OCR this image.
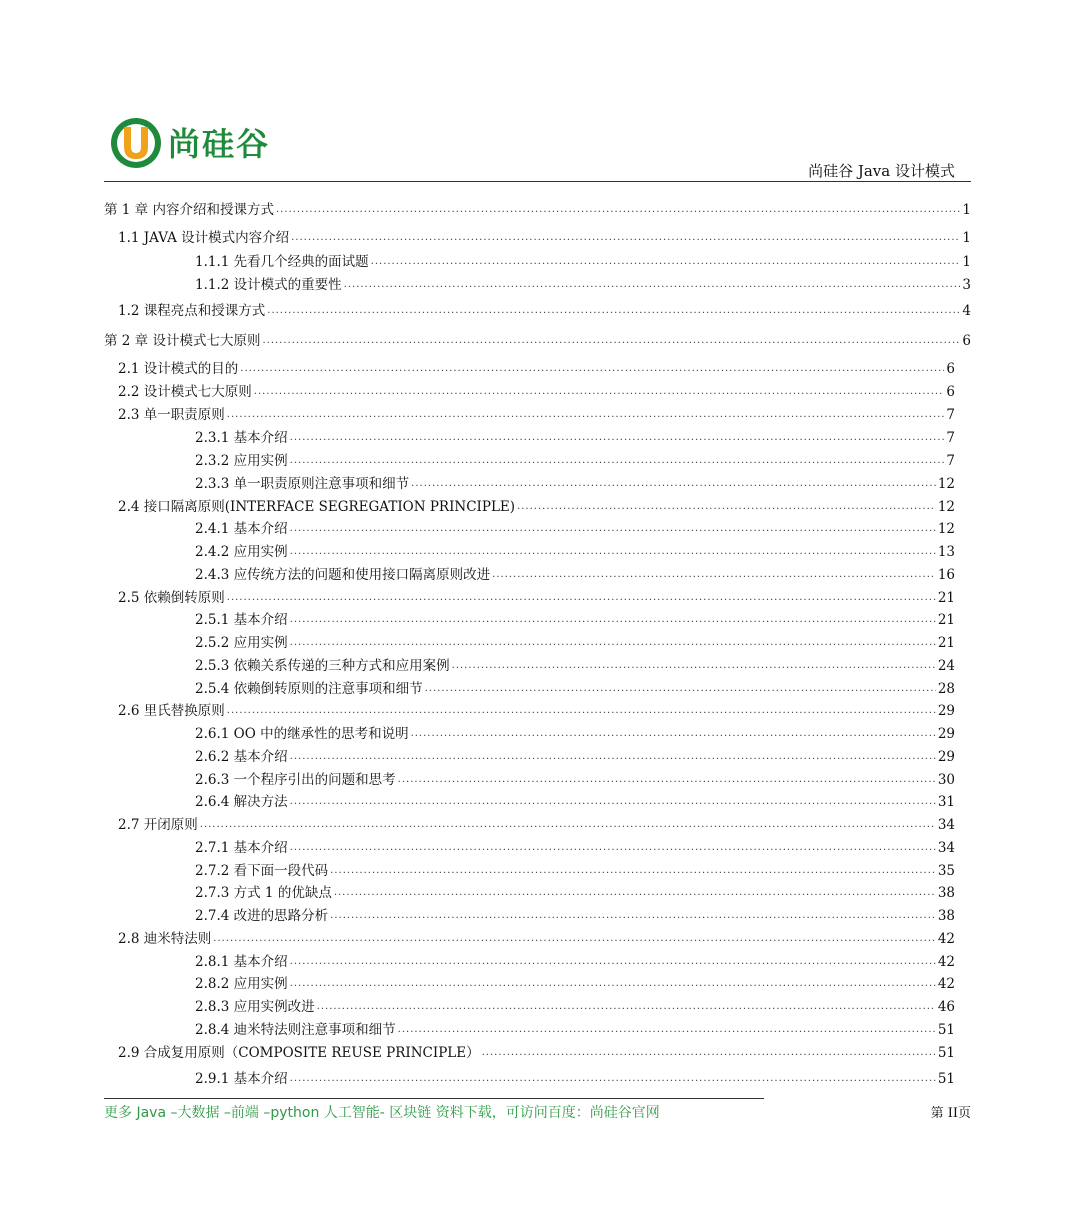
尚硅谷
尚硅谷 Java 设计模式
第 1 章 内容介绍和授课方式 .....	1
1.1 JAVA 设计模式内容介绍 .....	1
1.1.1 先看几个经典的面试题 .....	1
1.1.2 设计模式的重要性 .....	3
1.2 课程亮点和授课方式 .....	4
第 2 章 设计模式七大原则 .....	6
2.1 设计模式的目的 .....	6
2.2 设计模式七大原则 .....	6
2.3 单一职责原则 .....	7
2.3.1 基本介绍 .....	7
2.3.2 应用实例 .....	7
2.3.3 单一职责原则注意事项和细节 .....	12
2.4 接口隔离原则(INTERFACE SEGREGATION PRINCIPLE) .....	12
2.4.1 基本介绍 .....	12
2.4.2 应用实例 .....	13
2.4.3 应传统方法的问题和使用接口隔离原则改进 .....	16
2.5 依赖倒转原则 .....	21
2.5.1 基本介绍 .....	21
2.5.2 应用实例 .....	21
2.5.3 依赖关系传递的三种方式和应用案例 .....	24
2.5.4 依赖倒转原则的注意事项和细节 .....	28
2.6 里氏替换原则 .....	29
2.6.1 OO 中的继承性的思考和说明 .....	29
2.6.2 基本介绍 .....	29
2.6.3 一个程序引出的问题和思考 .....	30
2.6.4 解决方法 .....	31
2.7 开闭原则 .....	34
2.7.1 基本介绍 .....	34
2.7.2 看下面一段代码 .....	35
2.7.3 方式 1 的优缺点 .....	38
2.7.4 改进的思路分析 .....	38
2.8 迪米特法则 .....	42
2.8.1 基本介绍 .....	42
2.8.2 应用实例 .....	42
2.8.3 应用实例改进 .....	46
2.8.4 迪米特法则注意事项和细节 .....	51
2.9 合成复用原则（COMPOSITE REUSE PRINCIPLE） .....	51
2.9.1 基本介绍 .....	51
更多 Java –大数据 –前端 –python 人工智能- 区块链 资料下载，可访问百度：尚硅谷官网	第 II页
